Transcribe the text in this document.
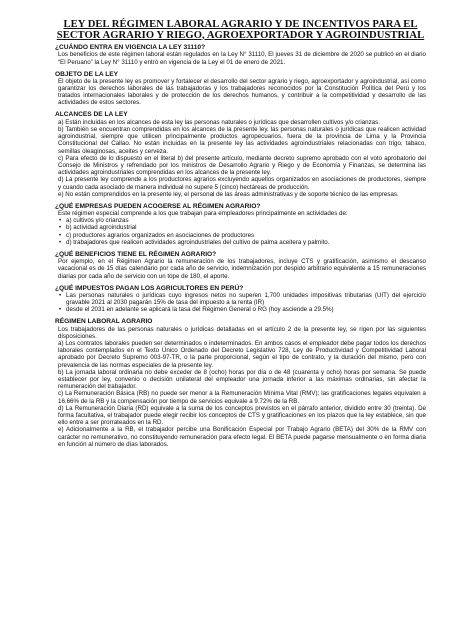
LEY DEL RÉGIMEN LABORAL AGRARIO Y DE INCENTIVOS PARA EL
SECTOR AGRARIO Y RIEGO, AGROEXPORTADOR Y AGROINDUSTRIAL
¿CUÁNDO ENTRA EN VIGENCIA LA LEY 31110?

Los beneficios de este régimen laboral están regulados en la Ley N° 31110, El jueves 31 de diciembre de 2020 se publicó en el diario “El Peruano” la Ley N° 31110 y entró en vigencia de la Ley el 01 de enero de 2021.

OBJETO DE LA LEY

El objeto de la presente ley es promover y fortalecer el desarrollo del sector agrario y riego, agroexportador y agroindustrial, así como garantizar los derechos laborales de las trabajadoras y los trabajadores reconocidos por la Constitución Política del Perú y los tratados internacionales laborales y de protección de los derechos humanos, y contribuir a la competitividad y desarrollo de las actividades de estos sectores.

ALCANCES DE LA LEY

a) Están incluidas en los alcances de esta ley las personas naturales o jurídicas que desarrollen cultivos y/o crianzas.

b) También se encuentran comprendidas en los alcances de la presente ley, las personas naturales o jurídicas que realicen actividad agroindustrial, siempre que utilicen principalmente productos agropecuarios, fuera de la provincia de Lima y la Provincia Constitucional del Callao. No están incluidas en la presente ley las actividades agroindustriales relacionadas con trigo, tabaco, semillas oleaginosas, aceites y cerveza.

c) Para efecto de lo dispuesto en el literal b) del presente artículo, mediante decreto supremo aprobado con el voto aprobatorio del Consejo de Ministros y refrendado por los ministros de Desarrollo Agrario y Riego y de Economía y Finanzas, se determina las actividades agroindustriales comprendidas en los alcances de la presente ley.

d) La presente ley comprende a los productores agrarios excluyendo aquellos organizados en asociaciones de productores, siempre y cuando cada asociado de manera individual no supere 5 (cinco) hectáreas de producción.

e) No están comprendidos en la presente ley, el personal de las áreas administrativas y de soporte técnico de las empresas.

¿QUÉ EMPRESAS PUEDEN ACOGERSE AL RÉGIMEN AGRARIO?

Este régimen especial comprende a los que trabajan para empleadores principalmente en actividades de:

• a) cultivos y/o crianzas
• b) actividad agroindustrial
• c) productores agrarios organizados en asociaciones de productores
• d) trabajadores que realicen actividades agroindustriales del cultivo de palma aceitera y palmito.
¿QUÉ BENEFICIOS TIENE EL RÉGIMEN AGRARIO?

Por ejemplo, en el Régimen Agrario la remuneración de los trabajadores, incluye CTS y gratificación, asimismo el descanso vacacional es de 15 días calendario por cada año de servicio, indemnización por despido arbitrario equivalente a 15 remuneraciones diarias por cada año de servicio con un tope de 180, el aporte.

¿QUÉ IMPUESTOS PAGAN LOS AGRICULTORES EN PERÚ?
• Las personas naturales o jurídicas cuyo ingresos netos no superen 1,700 unidades impositivas tributarias (UIT) del ejercicio gravable 2021 al 2030 pagarán 15% de tasa del impuesto a la renta (IR)
• desde el 2031 en adelante se aplicará la tasa del Régimen General o RG (hoy asciende a 29.5%)
RÉGIMEN LABORAL AGRARIO

Los trabajadores de las personas naturales o jurídicas detalladas en el artículo 2 de la presente ley, se rigen por las siguientes disposiciones.

a) Los contratos laborales pueden ser determinados o indeterminados. En ambos casos el empleador debe pagar todos los derechos laborales contemplados en el Texto Único Ordenado del Decreto Legislativo 728, Ley de Productividad y Competitividad Laboral aprobado por Decreto Supremo 003-97-TR, o la parte proporcional, según el tipo de contrato, y la duración del mismo, pero con prevalencia de las normas especiales de la presente ley.

b) La jornada laboral ordinaria no debe exceder de 8 (ocho) horas por día o de 48 (cuarenta y ocho) horas por semana. Se puede establecer por ley, convenio o decisión unilateral del empleador una jornada inferior a las máximas ordinarias, sin afectar la remuneración del trabajador.

c) La Remuneración Básica (RB) no puede ser menor a la Remuneración Mínima Vital (RMV); las gratificaciones legales equivalen a 16.66% de la RB y la compensación por tiempo de servicios equivale a 9.72% de la RB.

d) La Remuneración Diaria (RD) equivale a la suma de los conceptos previstos en el párrafo anterior, dividido entre 30 (treinta). De forma facultativa, el trabajador puede elegir recibir los conceptos de CTS y gratificaciones en los plazos que la ley establece, sin que ello entre a ser prorrateados en la RD.

e) Adicionalmente a la RB, el trabajador percibe una Bonificación Especial por Trabajo Agrario (BETA) del 30% de la RMV con carácter no remunerativo, no constituyendo remuneración para efecto legal. El BETA puede pagarse mensualmente o en forma diaria en función al número de días laborados.
